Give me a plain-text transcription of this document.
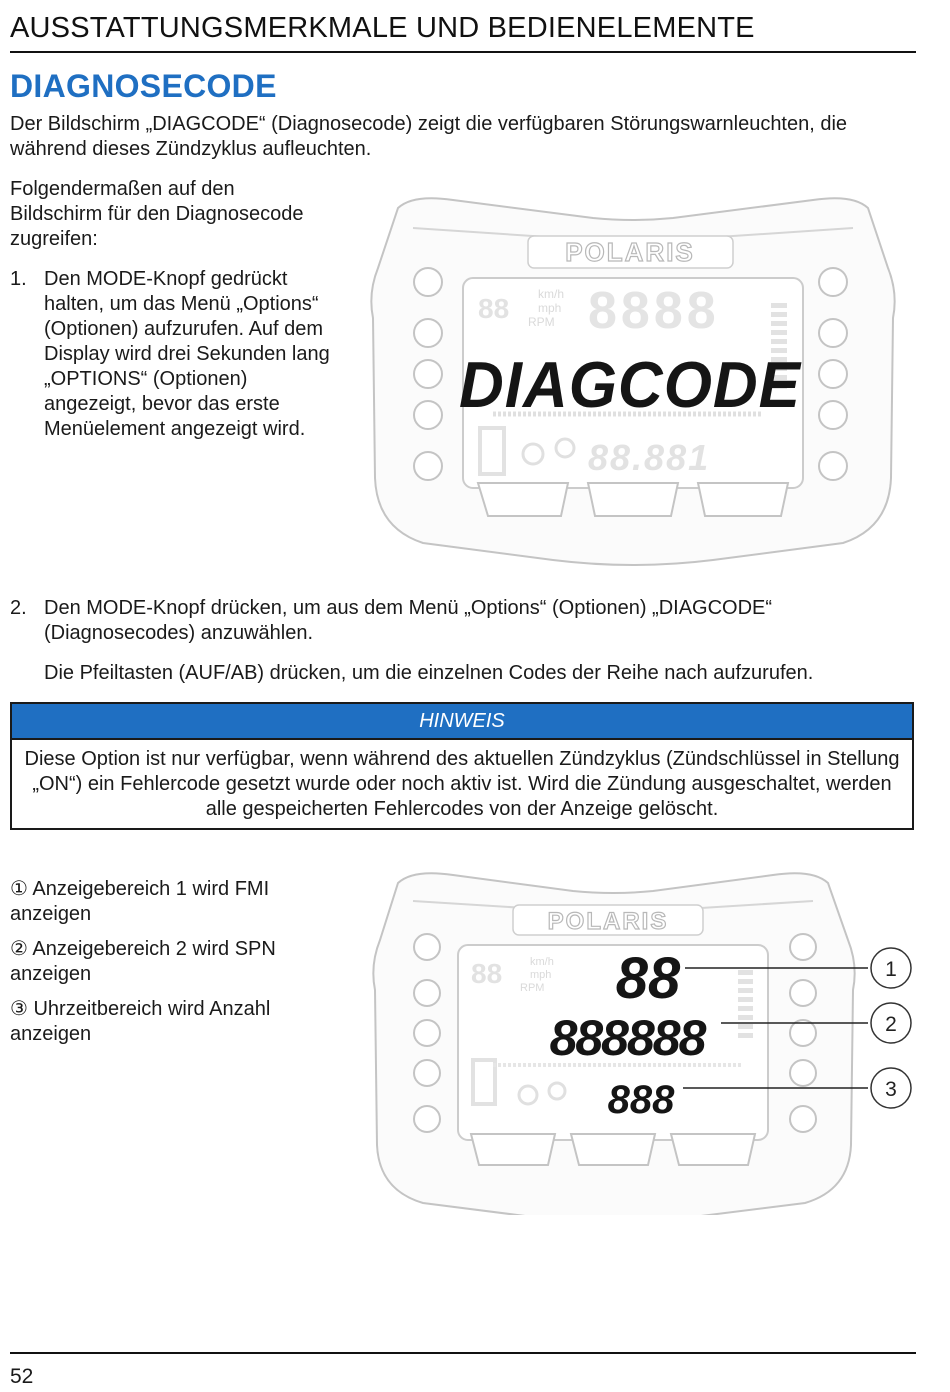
AUSSTATTUNGSMERKMALE UND BEDIENELEMENTE
DIAGNOSECODE

Der Bildschirm „DIAGCODE“ (Diagnosecode) zeigt die verfügbaren Störungswarnleuchten, die während dieses Zündzyklus aufleuchten.

Folgendermaßen auf den Bildschirm für den Diagnosecode zugreifen:

1. Den MODE-Knopf gedrückt halten, um das Menü „Options“ (Optionen) aufzurufen. Auf dem Display wird drei Sekunden lang „OPTIONS“ (Optionen) angezeigt, bevor das erste Menüelement angezeigt wird.
POLARIS
88 km/h
mph
RPM 8888
88.881
DIAGCODE
2. Den MODE-Knopf drücken, um aus dem Menü „Options“ (Optionen) „DIAGCODE“ (Diagnosecodes) anzuwählen.

Die Pfeiltasten (AUF/AB) drücken, um die einzelnen Codes der Reihe nach aufzurufen.

HINWEIS
Diese Option ist nur verfügbar, wenn während des aktuellen Zündzyklus (Zündschlüssel in Stellung „ON“) ein Fehlercode gesetzt wurde oder noch aktiv ist. Wird die Zündung ausgeschaltet, werden alle gespeicherten Fehlercodes von der Anzeige gelöscht.
① Anzeigebereich 1 wird FMI anzeigen
② Anzeigebereich 2 wird SPN anzeigen
③ Uhrzeitbereich wird Anzahl anzeigen
POLARIS
88	km/h
mph
RPM 88
888888
888
1
2
3
52
